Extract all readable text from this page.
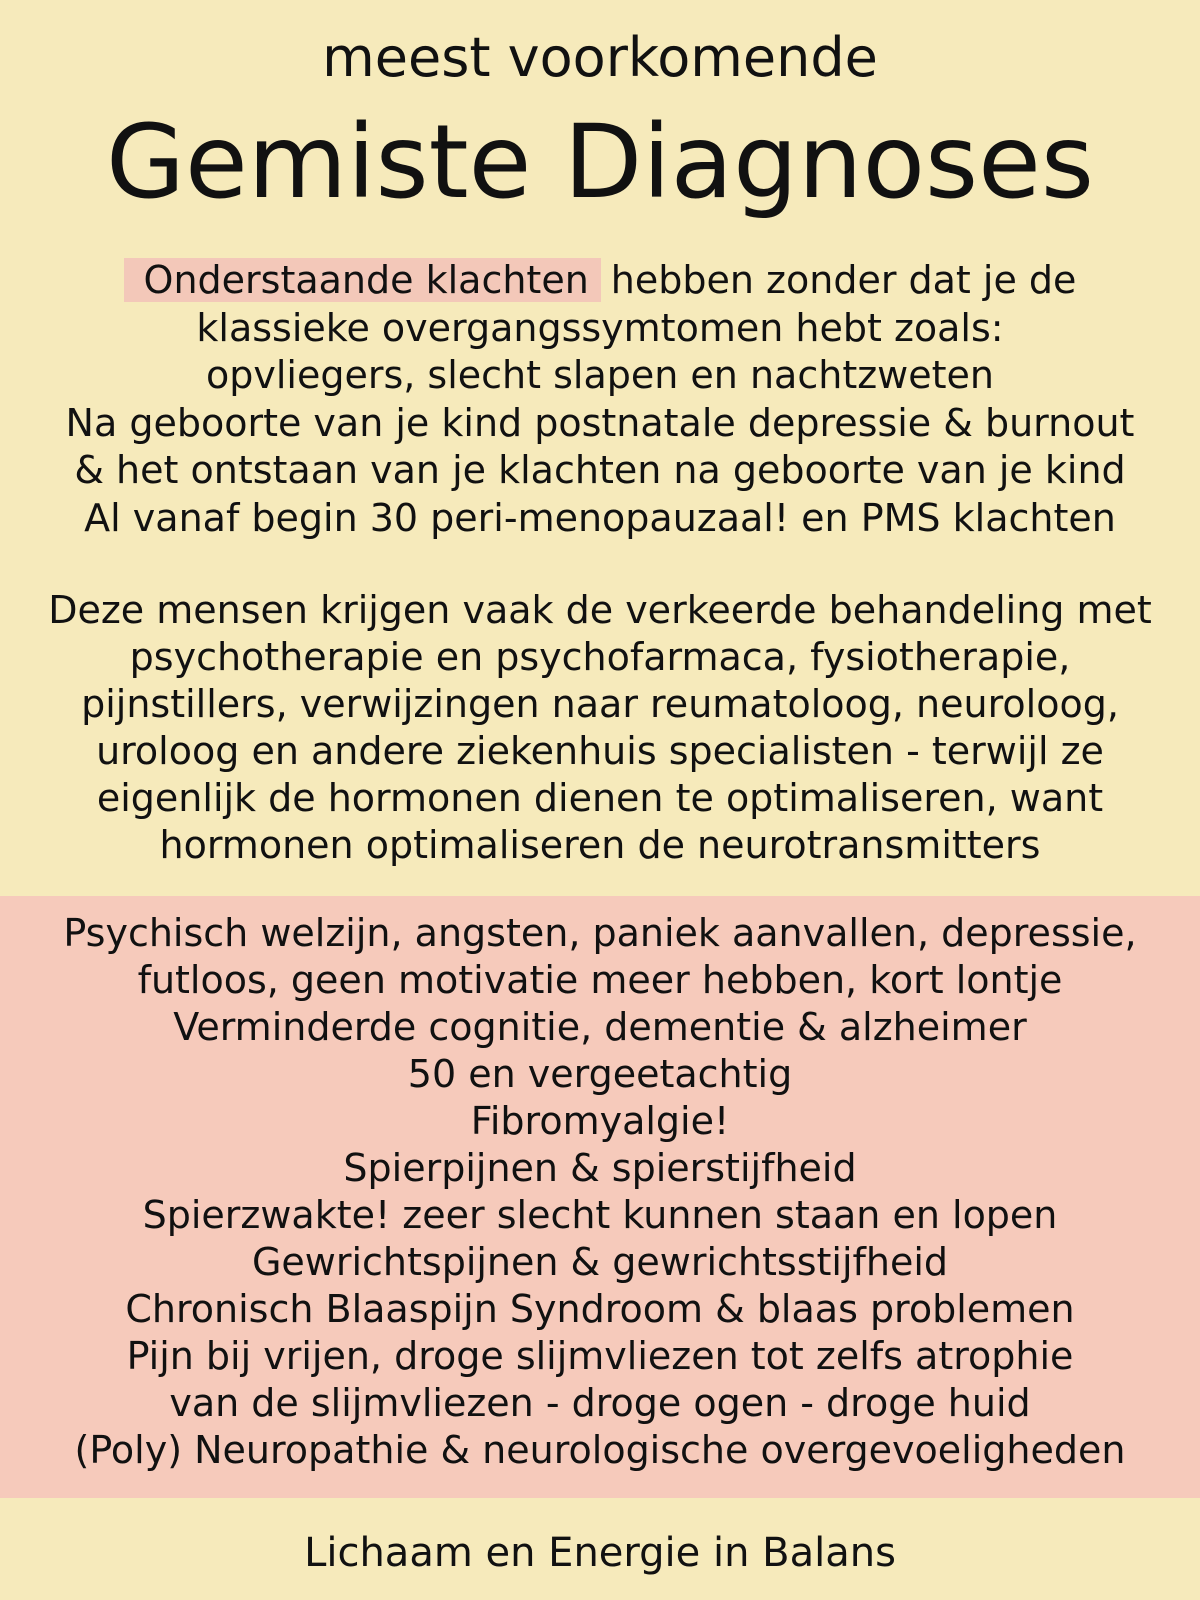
meest voorkomende
Gemiste Diagnoses
Onderstaande klachten hebben zonder dat je de
klassieke overgangssymtomen hebt zoals:
opvliegers, slecht slapen en nachtzweten
Na geboorte van je kind postnatale depressie & burnout
& het ontstaan van je klachten na geboorte van je kind
Al vanaf begin 30 peri-menopauzaal! en PMS klachten
Deze mensen krijgen vaak de verkeerde behandeling met
psychotherapie en psychofarmaca, fysiotherapie,
pijnstillers, verwijzingen naar reumatoloog, neuroloog,
uroloog en andere ziekenhuis specialisten - terwijl ze
eigenlijk de hormonen dienen te optimaliseren, want
hormonen optimaliseren de neurotransmitters
Psychisch welzijn, angsten, paniek aanvallen, depressie,
futloos, geen motivatie meer hebben, kort lontje
Verminderde cognitie, dementie & alzheimer
50 en vergeetachtig
Fibromyalgie!
Spierpijnen & spierstijfheid
Spierzwakte! zeer slecht kunnen staan en lopen
Gewrichtspijnen & gewrichtsstijfheid
Chronisch Blaaspijn Syndroom & blaas problemen
Pijn bij vrijen, droge slijmvliezen tot zelfs atrophie
van de slijmvliezen - droge ogen - droge huid
(Poly) Neuropathie & neurologische overgevoeligheden
Lichaam en Energie in Balans
